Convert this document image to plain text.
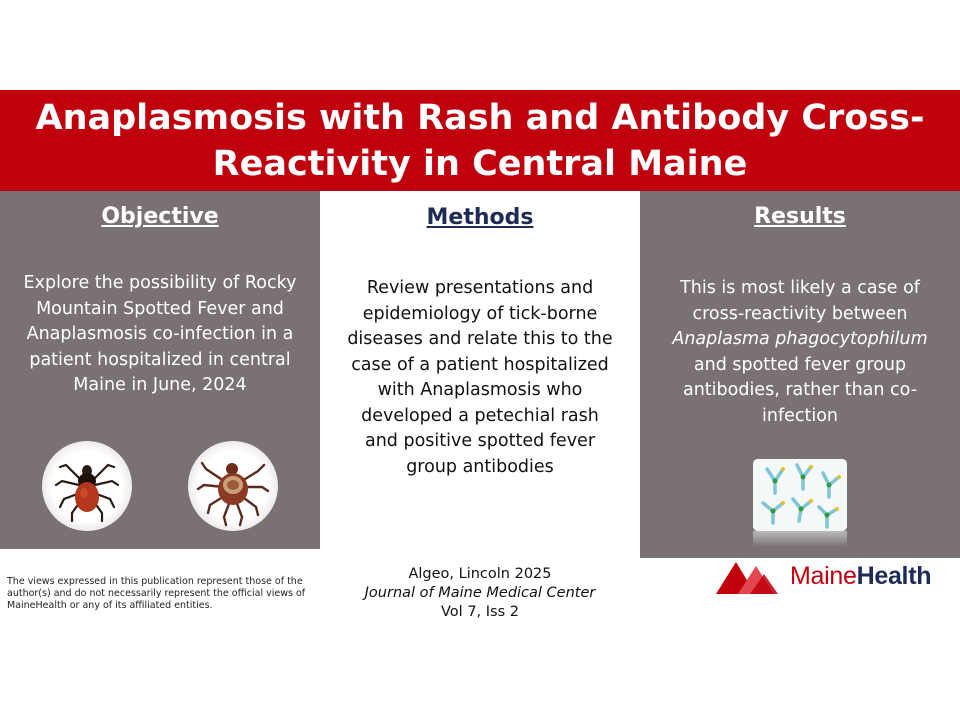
Anaplasmosis with Rash and Antibody Cross-Reactivity in Central Maine
Objective
Explore the possibility of Rocky Mountain Spotted Fever and Anaplasmosis co-infection in a patient hospitalized in central Maine in June, 2024
Methods
Review presentations and epidemiology of tick-borne diseases and relate this to the case of a patient hospitalized with Anaplasmosis who developed a petechial rash and positive spotted fever group antibodies
Results
This is most likely a case of cross-reactivity between Anaplasma phagocytophilum and spotted fever group antibodies, rather than co-infection
The views expressed in this publication represent those of the author(s) and do not necessarily represent the official views of MaineHealth or any of its affiliated entities.
Algeo, Lincoln 2025
Journal of Maine Medical Center
Vol 7, Iss 2
MaineHealth
